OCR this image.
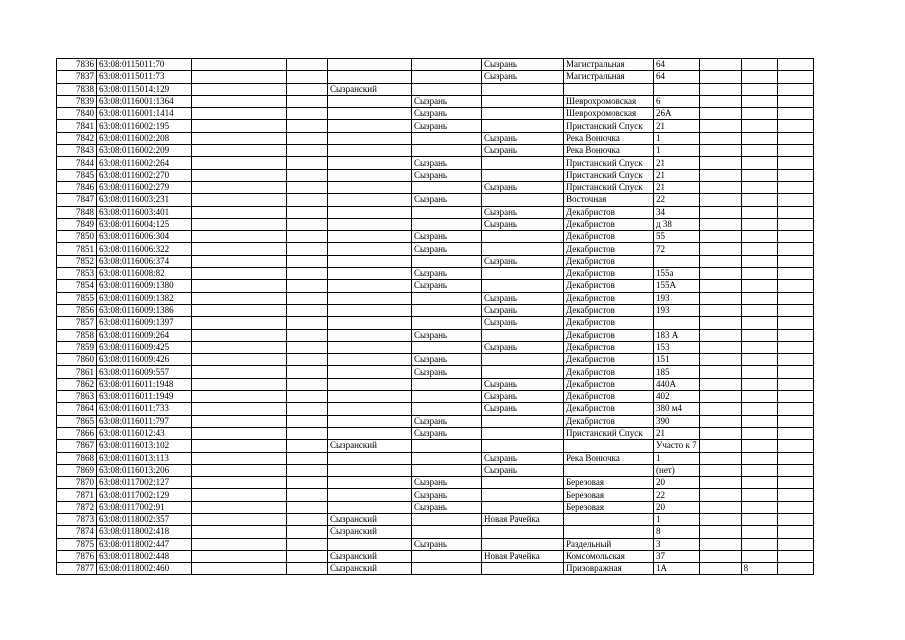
7836	63:08:0115011:70					Сызрань	Магистральная	64			
7837	63:08:0115011:73					Сызрань	Магистральная	64			
7838	63:08:0115014:129			Сызранский							
7839	63:08:0116001:1364				Сызрань		Шеврохромовская	6			
7840	63:08:0116001:1414				Сызрань		Шеврохромовская	26А			
7841	63:08:0116002:195				Сызрань		Пристанский Спуск	21			
7842	63:08:0116002:208					Сызрань	Река Вонючка	1			
7843	63:08:0116002:209					Сызрань	Река Вонючка	1			
7844	63:08:0116002:264				Сызрань		Пристанский Спуск	21			
7845	63:08:0116002:270				Сызрань		Пристанский Спуск	21			
7846	63:08:0116002:279					Сызрань	Пристанский Спуск	21			
7847	63:08:0116003:231				Сызрань		Восточная	22			
7848	63:08:0116003:401					Сызрань	Декабристов	34			
7849	63:08:0116004:125					Сызрань	Декабристов	д 38			
7850	63:08:0116006:304				Сызрань		Декабристов	55			
7851	63:08:0116006:322				Сызрань		Декабристов	72			
7852	63:08:0116006:374					Сызрань	Декабристов				
7853	63:08:0116008:82				Сызрань		Декабристов	155а			
7854	63:08:0116009:1380				Сызрань		Декабристов	155А			
7855	63:08:0116009:1382					Сызрань	Декабристов	193			
7856	63:08:0116009:1386					Сызрань	Декабристов	193			
7857	63:08:0116009:1397					Сызрань	Декабристов				
7858	63:08:0116009:264				Сызрань		Декабристов	183 А			
7859	63:08:0116009:425					Сызрань	Декабристов	153			
7860	63:08:0116009:426				Сызрань		Декабристов	151			
7861	63:08:0116009:557				Сызрань		Декабристов	185			
7862	63:08:0116011:1948					Сызрань	Декабристов	440А			
7863	63:08:0116011:1949					Сызрань	Декабристов	402			
7864	63:08:0116011:733					Сызрань	Декабристов	380 м4			
7865	63:08:0116011:797				Сызрань		Декабристов	390			
7866	63:08:0116012:43				Сызрань		Пристанский Спуск	21			
7867	63:08:0116013:102			Сызранский				Участо к 7			
7868	63:08:0116013:113					Сызрань	Река Вонючка	1			
7869	63:08:0116013:206					Сызрань		(нет)			
7870	63:08:0117002:127				Сызрань		Березовая	20			
7871	63:08:0117002:129				Сызрань		Березовая	22			
7872	63:08:0117002:91				Сызрань		Березовая	20			
7873	63:08:0118002:357			Сызранский		Новая Рачейка		1			
7874	63:08:0118002:418			Сызранский				8			
7875	63:08:0118002:447				Сызрань		Раздельный	3			
7876	63:08:0118002:448			Сызранский		Новая Рачейка	Комсомольская	37			
7877	63:08:0118002:460			Сызранский			Призовражная	1А		8	
